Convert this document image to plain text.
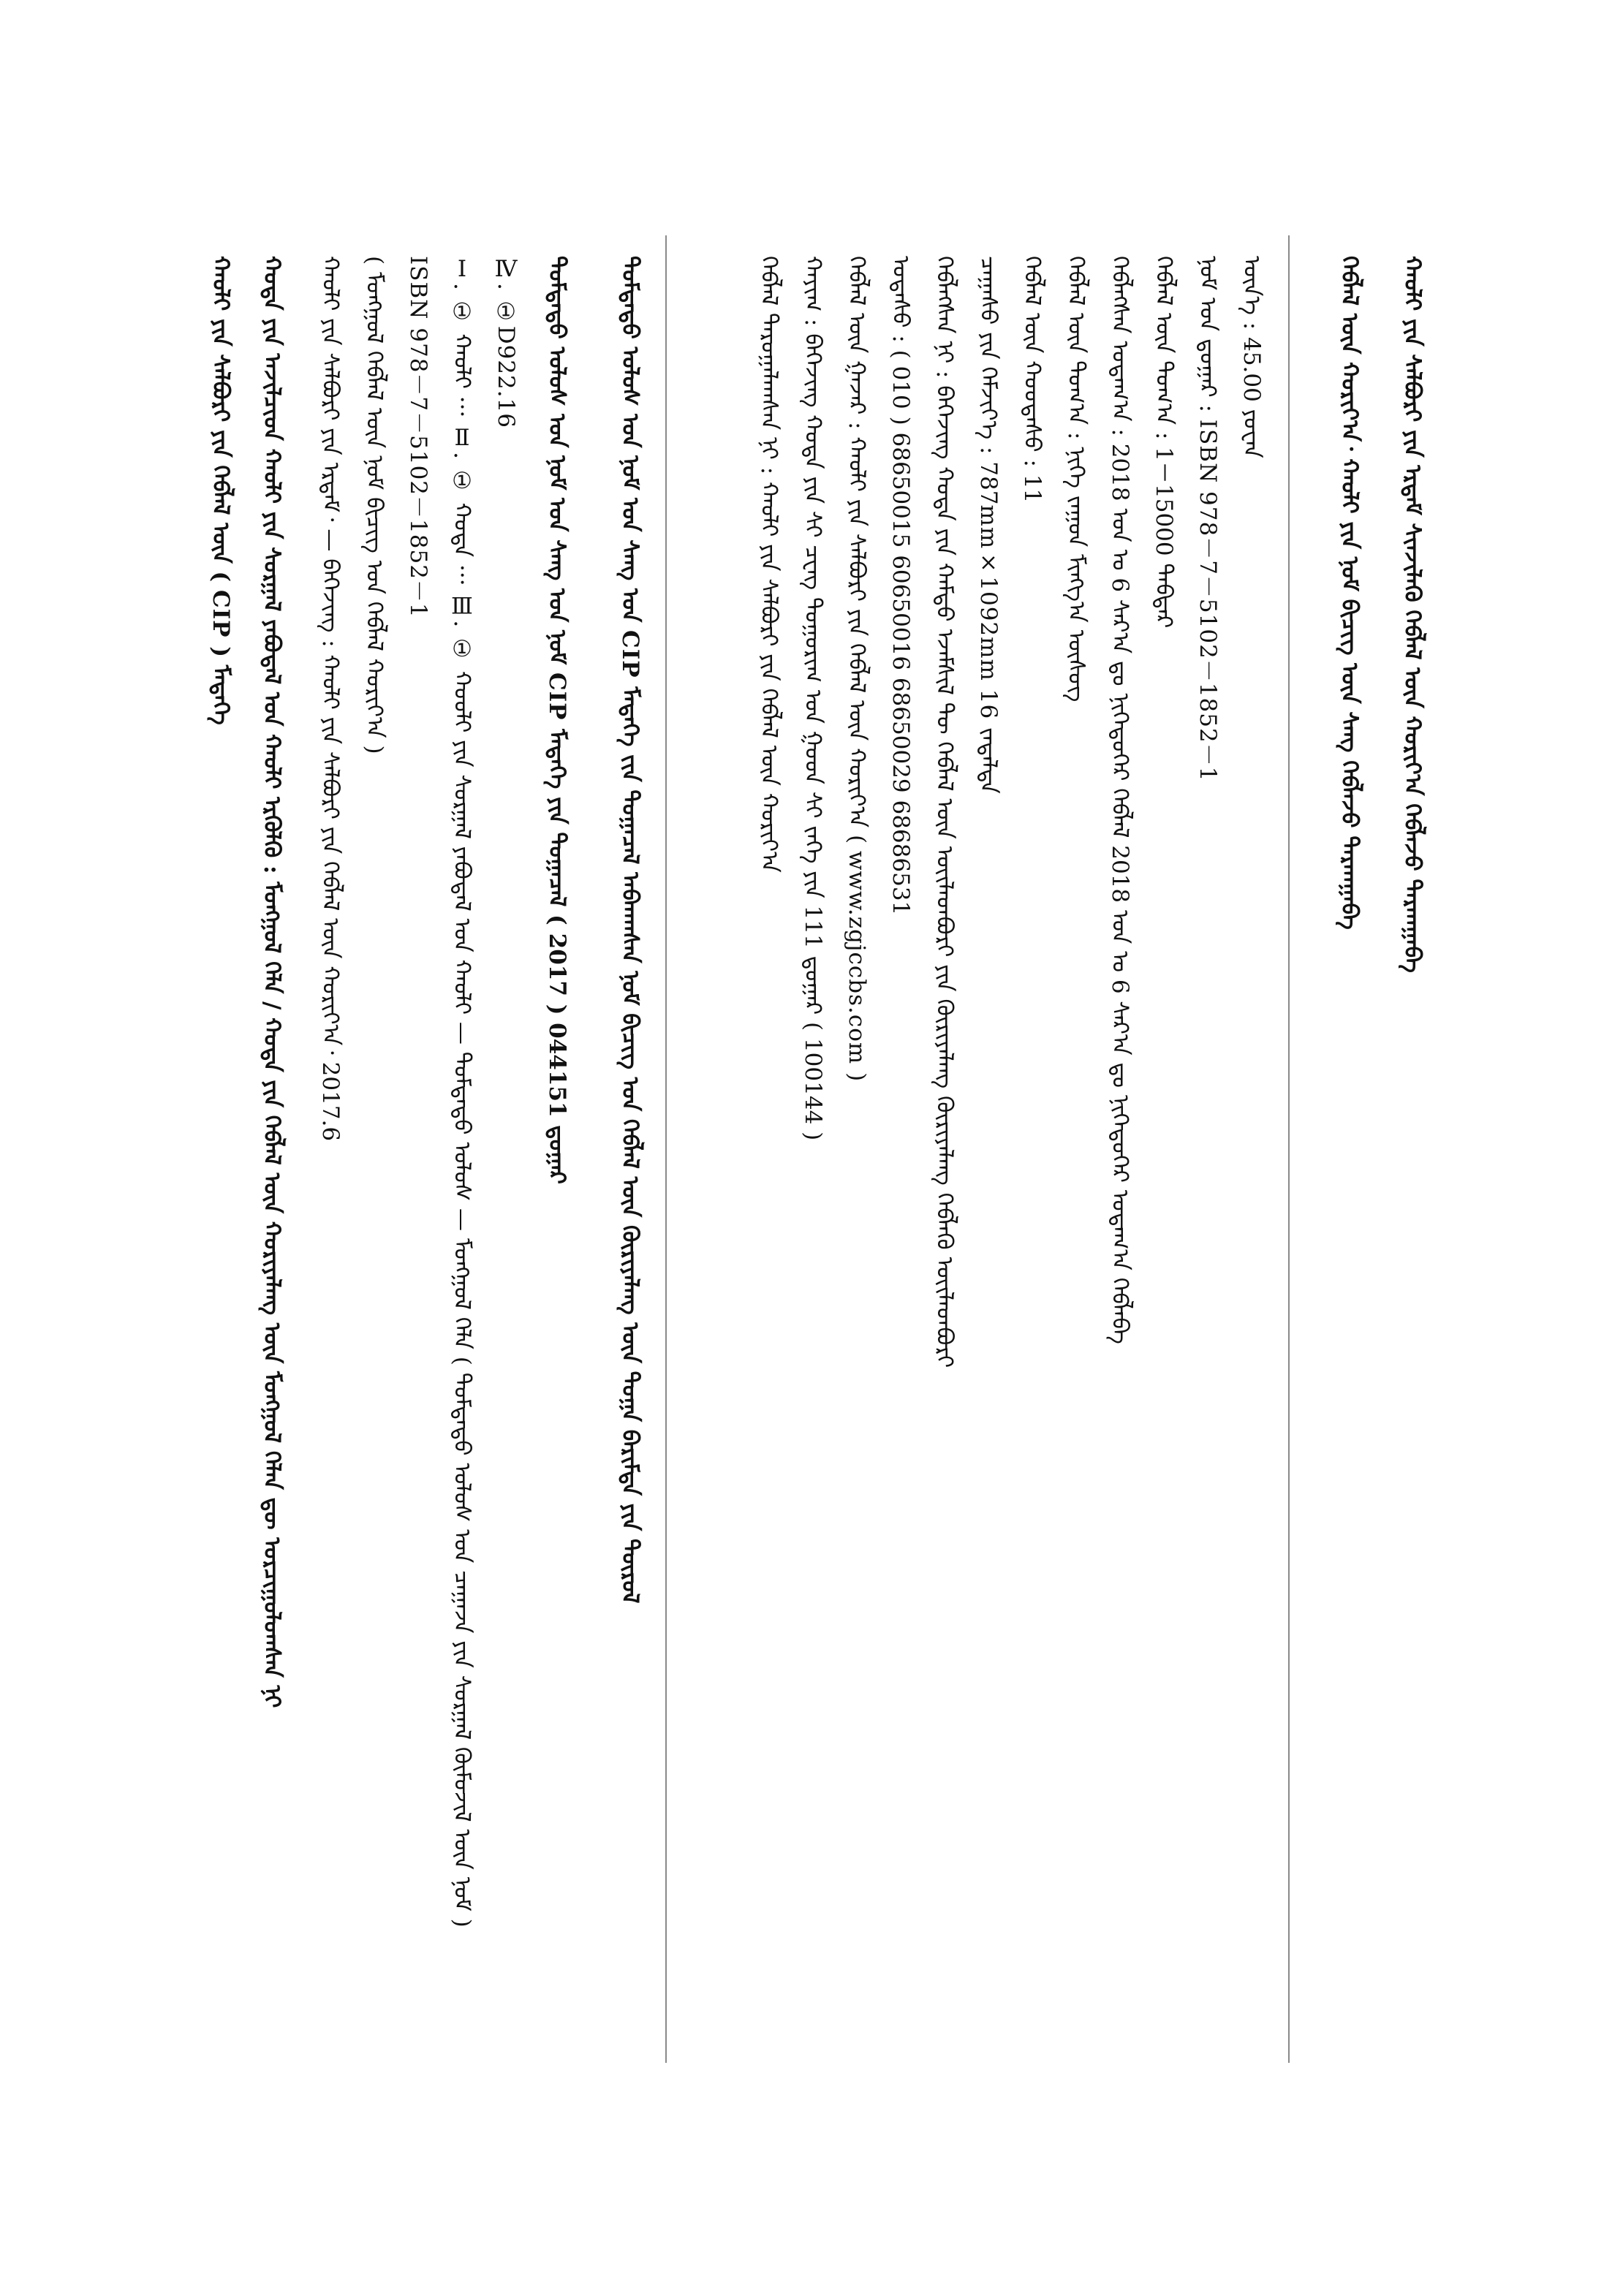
ᠬᠠᠤᠯᠢ ᠶᠢᠨ ᠰᠠᠯᠪᠤᠷᠢ ᠶᠢᠨ ᠡᠷᠲᠡᠮ ᠰᠢᠨᠵᠢᠯᠡᠬᠦ ᠬᠡᠪᠯᠡᠯ ᠦᠨ ᠬᠣᠷᠢᠶ᠎ᠠ ᠬᠡᠪᠯᠡᠵᠦ ᠲᠠᠷᠬᠠᠭᠠᠪᠠ
ᠬᠡᠪᠯᠡᠯ ᠦᠨ ᠬᠣᠷᠢᠶ᠎ᠠ᠂ ᠬᠠᠤᠯᠢ ᠶᠢᠨ ᠨᠣᠮ ᠪᠢᠴᠢᠭ ᠦᠨ ᠰᠠᠩ ᠬᠡᠪᠯᠡᠵᠦ ᠲᠠᠷᠬᠠᠭᠠᠪᠠ
ᠦᠨ᠎ᠡ : 45.00 ᠶᠤᠸᠠᠨ
ᠨᠣᠮ ᠤᠨ ᠳ᠋ᠤᠭᠠᠷ : ISBN 978－7－5102－1852－1
ᠬᠡᠪᠯᠡᠯ ᠦᠨ ᠲᠣᠭ᠎ᠠ : 1－15000 ᠳᠡᠪᠲᠡᠷ
ᠬᠡᠪᠯᠡᠭᠰᠡᠨ ᠤᠳᠠᠭ᠎ᠠ : 2018 ᠣᠨ ᠤ 6 ᠰᠠᠷ᠎ᠠ ᠳᠤ ᠨᠢᠭᠡᠳᠦᠭᠡᠷ ᠬᠡᠪᠯᠡᠯ 2018 ᠣᠨ ᠤ 6 ᠰᠠᠷ᠎ᠠ ᠳᠤ ᠨᠢᠭᠡᠳᠦᠭᠡᠷ ᠤᠳᠠᠭ᠎ᠠ ᠬᠡᠪᠯᠡᠪᠡ
ᠬᠡᠪᠯᠡᠯ ᠦᠨ ᠲᠣᠭ᠎ᠠ : ᠨᠢᠭᠡ ᠵᠠᠭᠤᠨ ᠮᠢᠩᠭ᠎ᠠ ᠦᠰᠦᠭ
ᠬᠡᠪᠯᠡᠯ ᠦᠨ ᠬᠤᠤᠳᠠᠰᠤ : 11
ᠴᠠᠭᠠᠰᠤ ᠶᠢᠨ ᠬᠡᠮᠵᠢᠶ᠎ᠡ : 787mm×1092mm 16 ᠵᠠᠳᠠᠯᠲᠠ
ᠬᠡᠪᠯᠡᠭᠰᠡᠨ ᠨᠢ : ᠪᠡᠭᠡᠵᠢᠩ ᠬᠣᠲᠠ ᠶᠢᠨ ᠬᠠᠮᠲᠤ ᠡᠵᠡᠮᠰᠢᠯ ᠲᠦ ᠬᠡᠪᠯᠡᠯ ᠦᠨ ᠦᠢᠯᠡᠳᠪᠦᠷᠢ ᠶᠢᠨ ᠬᠦᠷᠢᠶᠡᠯᠡᠩ ᠬᠦᠷᠢᠶᠡᠯᠡᠩ ᠬᠡᠪᠯᠡᠬᠦ ᠦᠢᠯᠡᠳᠪᠦᠷᠢ
ᠤᠲᠠᠰᠤ : ( 010 ) 68650015 60650016 68650029 68686531
ᠬᠡᠪᠯᠡᠯ ᠦᠨ ᠭᠠᠵᠠᠷ : ᠬᠠᠤᠯᠢ ᠶᠢᠨ ᠰᠠᠯᠪᠤᠷᠢ ᠶᠢᠨ ᠬᠡᠪᠯᠡᠯ ᠦᠨ ᠬᠣᠷᠢᠶ᠎ᠠ ( www.zgjccbs.com )
ᠬᠠᠶᠢᠭ : ᠪᠡᠭᠡᠵᠢᠩ ᠬᠣᠲᠠ ᠶᠢᠨ ᠰᠢ ᠴᠧᠩ ᠲᠣᠭᠣᠷᠢᠭ ᠤᠨ ᠭᠤᠤᠨ ᠰᠢ ᠵᠡᠭᠡ ᠶᠢᠨ 111 ᠳ᠋ᠤᠭᠠᠷ ( 100144 )
ᠬᠡᠪᠯᠡᠯ ᠳᠠᠷᠤᠭᠠᠯᠠᠭᠰᠠᠨ ᠨᠢ : ᠬᠠᠤᠯᠢ ᠶᠢᠨ ᠰᠠᠯᠪᠤᠷᠢ ᠶᠢᠨ ᠬᠡᠪᠯᠡᠯ ᠦᠨ ᠬᠣᠷᠢᠶ᠎ᠠ
ᠳᠤᠮᠳᠠᠳᠤ ᠤᠯᠤᠰ ᠤᠨ ᠨᠣᠮ ᠤᠨ ᠰᠠᠩ ᠤᠨ CIP ᠮᠡᠳᠡᠭᠡ ᠵᠢᠨ ᠲᠣᠭᠠᠴᠠᠯ ᠠᠪᠬᠠᠭᠰᠠᠨ ᠨᠣᠮ ᠪᠢᠴᠢᠭ ᠤᠨ ᠬᠡᠪᠯᠡᠯ ᠦᠨ ᠬᠦᠷᠢᠶᠡᠯᠡᠩ ᠦᠨ ᠲᠣᠭᠠ ᠪᠠᠷᠢᠮᠲᠠ ᠶᠢᠨ ᠲᠦᠷᠦᠯ
ᠳᠤᠮᠳᠠᠳᠤ ᠤᠯᠤᠰ ᠤᠨ ᠨᠣᠮ ᠤᠨ ᠰᠠᠩ ᠤᠨ ᠨᠣᠮ CIP ᠮᠡᠳᠡᠭᠡ ᠶᠢᠨ ᠲᠣᠭᠠᠴᠠᠯ ( 2017 ) 044151 ᠳ᠋ᠤᠭᠠᠷ
Ⅳ. ①D922.16
Ⅰ. ① ᠬᠠᠤᠯᠢ ··· Ⅱ. ① ᠬᠣᠲᠠ ··· Ⅲ. ① ᠬᠤᠤᠯᠢ ᠶᠢᠨ ᠰᠤᠷᠭᠠᠯ ᠶᠠᠪᠤᠳᠠᠯ ᠤᠨ ᠬᠠᠤᠯᠢ — ᠳᠤᠮᠳᠠᠳᠤ ᠤᠯᠤᠰ — ᠮᠣᠩᠭᠣᠯ ᠬᠡᠯᠡ ( ᠳᠤᠮᠳᠠᠳᠤ ᠤᠯᠤᠰ ᠤᠨ ᠴᠠᠭᠠᠵᠠ ᠶᠢᠨ ᠰᠤᠷᠭᠠᠯ ᠬᠦᠮᠦᠵᠢᠯ ᠦᠨ ᠨᠣᠮ )
ISBN 978－7－5102－1852－1
( ᠮᠣᠩᠭᠣᠯ ᠬᠡᠪᠯᠡᠯ ᠦᠨ ᠨᠣᠮ ᠪᠢᠴᠢᠭ ᠤᠨ ᠬᠡᠪᠯᠡᠯ ᠬᠣᠷᠢᠶ᠎ᠠ )
ᠬᠠᠤᠯᠢ ᠶᠢᠨ ᠰᠠᠯᠪᠤᠷᠢ ᠶᠢᠨ ᠡᠷᠲᠡᠮ᠂ — ᠪᠡᠭᠡᠵᠢᠩ : ᠬᠠᠤᠯᠢ ᠶᠢᠨ ᠰᠠᠯᠪᠤᠷᠢ ᠶᠢᠨ ᠬᠡᠪᠯᠡᠯ ᠦᠨ ᠬᠣᠷᠢᠶ᠎ᠠ᠂ 2017.6
ᠬᠣᠲᠠ ᠶᠢᠨ ᠠᠵᠢᠯᠴᠢᠳ ᠬᠠᠤᠯᠢ ᠶᠢᠨ ᠰᠤᠷᠭᠠᠯ ᠶᠠᠪᠤᠳᠠᠯ ᠤᠨ ᠬᠠᠤᠯᠢ ᠡᠷᠭᠦᠯᠬᠦ : ᠮᠣᠩᠭᠣᠯ ᠬᠡᠯᠡ / ᠬᠣᠲᠠ ᠶᠢᠨ ᠬᠡᠪᠯᠡᠯ ᠦᠨ ᠬᠣᠷᠢᠶᠡᠯᠡᠩ ᠦᠨ ᠮᠣᠩᠭᠣᠯ ᠬᠡᠯᠡᠨ ᠳᠦ ᠣᠷᠴᠢᠭᠤᠯᠤᠭᠰᠠᠨ ᠨᠢ
ᠬᠠᠤᠯᠢ ᠶᠢᠨ ᠰᠠᠯᠪᠤᠷᠢ ᠶᠢᠨ ᠬᠡᠪᠯᠡᠯ ᠦᠨ ( CIP ) ᠮᠡᠳᠡᠭᠡ
